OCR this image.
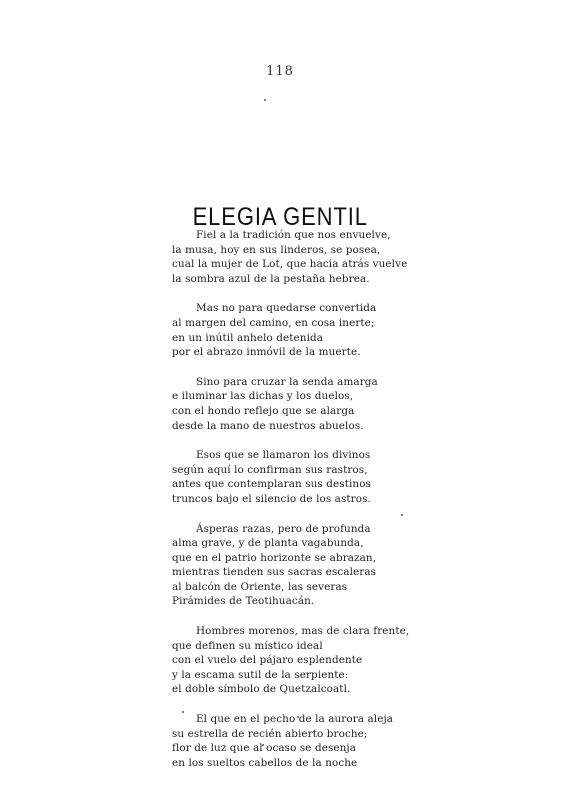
118
ELEGIA GENTIL
Fiel a la tradición que nos envuelve,
la musa, hoy en sus linderos, se posea,
cual la mujer de Lot, que hacia atrás vuelve
la sombra azul de la pestaña hebrea.
Mas no para quedarse convertida
al margen del camino, en cosa inerte;
en un inútil anhelo detenida
por el abrazo inmóvil de la muerte.
Sino para cruzar la senda amarga
e iluminar las dichas y los duelos,
con el hondo reflejo que se alarga
desde la mano de nuestros abuelos.
Esos que se llamaron los divinos
según aquí lo confirman sus rastros,
antes que contemplaran sus destinos
truncos bajo el silencio de los astros.
Ásperas razas, pero de profunda
alma grave, y de planta vagabunda,
que en el patrio horizonte se abrazan,
mientras tienden sus sacras escaleras
al balcón de Oriente, las severas
Pirámides de Teotihuacán.
Hombres morenos, mas de clara frente,
que definen su místico ideal
con el vuelo del pájaro esplendente
y la escama sutil de la serpiente:
el doble símbolo de Quetzalcoatl.
El que en el pecho de la aurora aleja
su estrella de recién abierto broche;
flor de luz que al ocaso se desenja
en los sueltos cabellos de la noche
